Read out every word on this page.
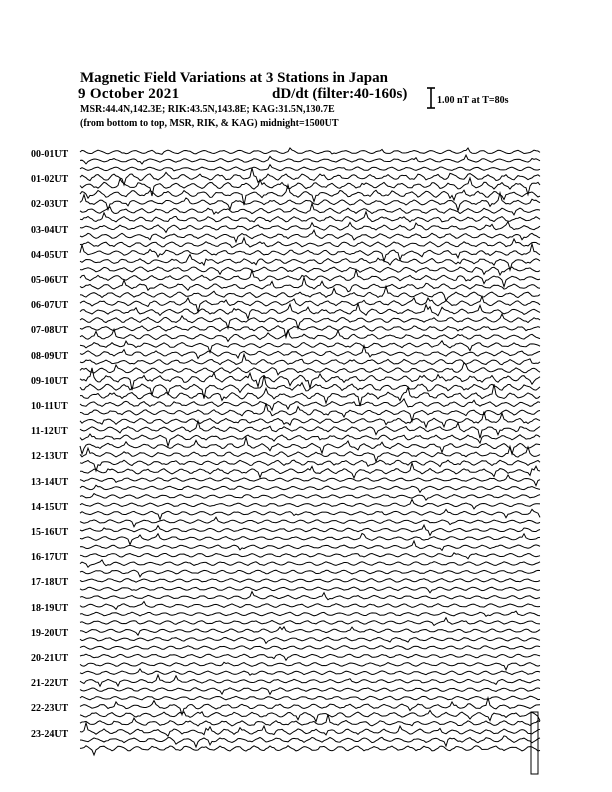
Magnetic Field Variations at 3 Stations in Japan
9 October 2021	dD/dt (filter:40-160s)
MSR:44.4N,142.3E; RIK:43.5N,143.8E; KAG:31.5N,130.7E
(from bottom to top, MSR, RIK, & KAG) midnight=1500UT
1.00 nT at T=80s
00-01UT
01-02UT
02-03UT
03-04UT
04-05UT
05-06UT
06-07UT
07-08UT
08-09UT
09-10UT
10-11UT
11-12UT
12-13UT
13-14UT
14-15UT
15-16UT
16-17UT
17-18UT
18-19UT
19-20UT
20-21UT
21-22UT
22-23UT
23-24UT
